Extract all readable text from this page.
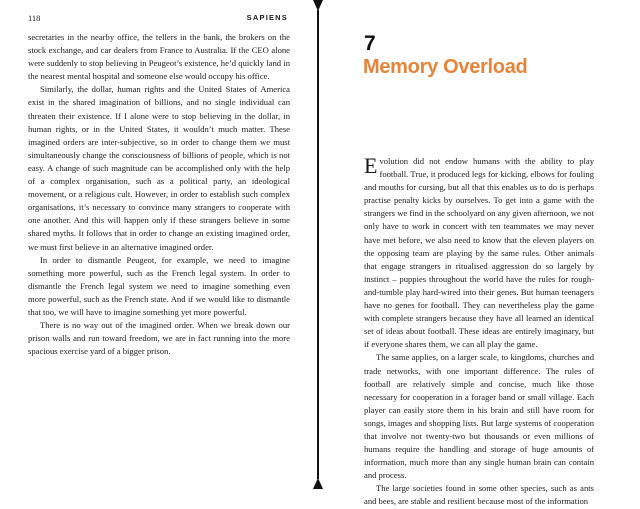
118	SAPIENS

secretaries in the nearby office, the tellers in the bank, the brokers on the stock exchange, and car dealers from France to Australia. If the CEO alone were suddenly to stop believing in Peugeot’s existence, he’d quickly land in the nearest mental hospital and someone else would occupy his office.

Similarly, the dollar, human rights and the United States of America exist in the shared imagination of billions, and no single individual can threaten their existence. If I alone were to stop believing in the dollar, in human rights, or in the United States, it wouldn’t much matter. These imagined orders are inter-subjective, so in order to change them we must simultaneously change the consciousness of billions of people, which is not easy. A change of such magnitude can be accomplished only with the help of a complex organisation, such as a political party, an ideological movement, or a religious cult. However, in order to establish such complex organisations, it’s necessary to convince many strangers to cooperate with one another. And this will happen only if these strangers believe in some shared myths. It follows that in order to change an existing imagined order, we must first believe in an alternative imagined order.

In order to dismantle Peugeot, for example, we need to imagine something more powerful, such as the French legal system. In order to dismantle the French legal system we need to imagine something even more powerful, such as the French state. And if we would like to dismantle that too, we will have to imagine something yet more powerful.

There is no way out of the imagined order. When we break down our prison walls and run toward freedom, we are in fact running into the more spacious exercise yard of a bigger prison.

7
Memory Overload

Evolution did not endow humans with the ability to play football. True, it produced legs for kicking, elbows for fouling and mouths for cursing, but all that this enables us to do is perhaps practise penalty kicks by ourselves. To get into a game with the strangers we find in the schoolyard on any given afternoon, we not only have to work in concert with ten teammates we may never have met before, we also need to know that the eleven players on the opposing team are playing by the same rules. Other animals that engage strangers in ritualised aggression do so largely by instinct – puppies throughout the world have the rules for rough-and-tumble play hard-wired into their genes. But human teenagers have no genes for football. They can nevertheless play the game with complete strangers because they have all learned an identical set of ideas about football. These ideas are entirely imaginary, but if everyone shares them, we can all play the game.

The same applies, on a larger scale, to kingdoms, churches and trade networks, with one important difference. The rules of football are relatively simple and concise, much like those necessary for cooperation in a forager band or small village. Each player can easily store them in his brain and still have room for songs, images and shopping lists. But large systems of cooperation that involve not twenty-two but thousands or even millions of humans require the handling and storage of huge amounts of information, much more than any single human brain can contain and process.

The large societies found in some other species, such as ants and bees, are stable and resilient because most of the information
